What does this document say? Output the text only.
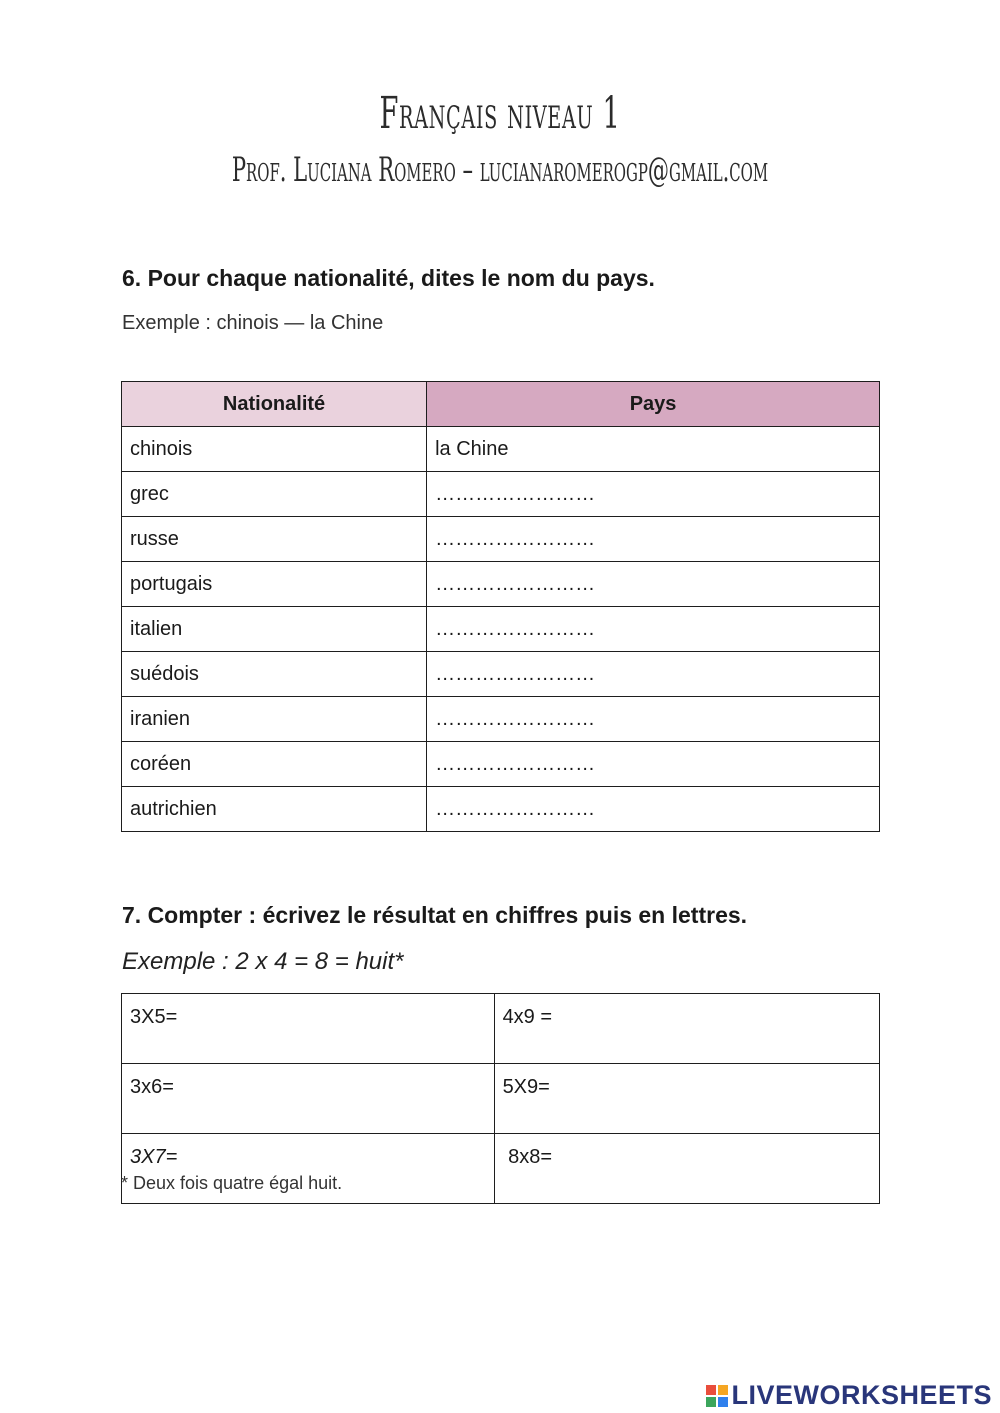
Français niveau 1
Prof. Luciana Romero – lucianaromerogp@gmail.com
6. Pour chaque nationalité, dites le nom du pays.
Exemple : chinois — la Chine
Nationalité	Pays
chinois	la Chine
grec	……………………
russe	……………………
portugais	……………………
italien	……………………
suédois	……………………
iranien	……………………
coréen	……………………
autrichien	……………………
7. Compter : écrivez le résultat en chiffres puis en lettres.
Exemple : 2 x 4 = 8 = huit*
3X5=	4x9 =
3x6=	5X9=
3X7=	8x8=
* Deux fois quatre égal huit.
LIVEWORKSHEETS
